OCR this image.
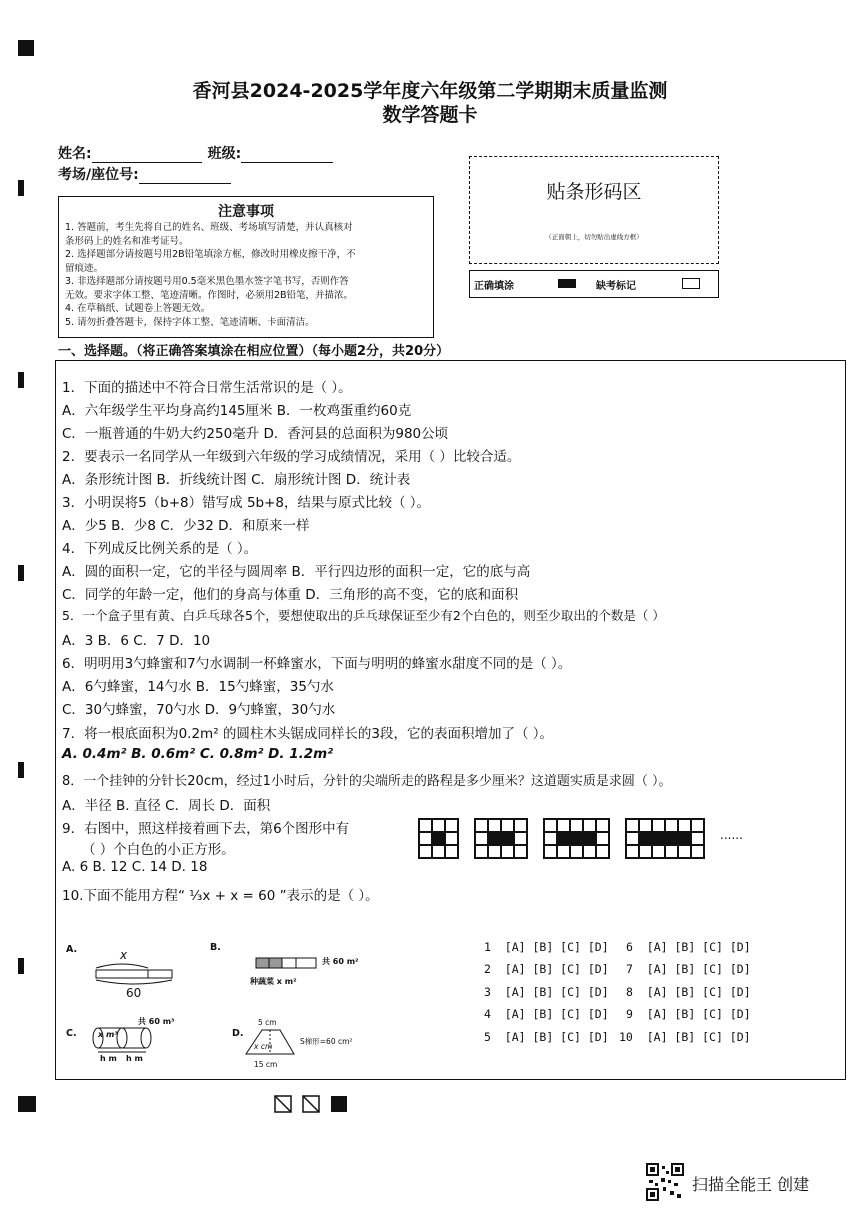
香河县2024-2025学年度六年级第二学期期末质量监测
数学答题卡
姓名:	班级:
考场/座位号:
注意事项
1. 答题前，考生先将自己的姓名、班级、考场填写清楚，并认真核对
条形码上的姓名和准考证号。
2. 选择题部分请按题号用2B铅笔填涂方框，修改时用橡皮擦干净，不
留痕迹。
3. 非选择题部分请按题号用0.5毫米黑色墨水签字笔书写，否则作答
无效。要求字体工整、笔迹清晰。作图时，必须用2B铅笔，并描浓。
4. 在草稿纸、试题卷上答题无效。
5. 请勿折叠答题卡，保持字体工整、笔迹清晰、卡面清洁。
贴条形码区
（正面朝上，切勿贴出虚线方框）
正确填涂	缺考标记
一、选择题。（将正确答案填涂在相应位置）（每小题2分，共20分）
1．下面的描述中不符合日常生活常识的是（ ）。
A．六年级学生平均身高约145厘米 B．一枚鸡蛋重约60克
C．一瓶普通的牛奶大约250毫升 D．香河县的总面积为980公顷
2．要表示一名同学从一年级到六年级的学习成绩情况，采用（ ）比较合适。
A．条形统计图 B．折线统计图 C．扇形统计图 D．统计表
3．小明误将5（b+8）错写成 5b+8，结果与原式比较（ ）。
A．少5 B．少8 C．少32 D．和原来一样
4．下列成反比例关系的是（ ）。
A．圆的面积一定，它的半径与圆周率 B．平行四边形的面积一定，它的底与高
C．同学的年龄一定，他们的身高与体重 D．三角形的高不变，它的底和面积
5．一个盒子里有黄、白乒乓球各5个，要想使取出的乒乓球保证至少有2个白色的，则至少取出的个数是（ ）
A．3 B．6 C．7 D．10
6．明明用3勺蜂蜜和7勺水调制一杯蜂蜜水，下面与明明的蜂蜜水甜度不同的是（ ）。
A．6勺蜂蜜，14勺水 B．15勺蜂蜜，35勺水
C．30勺蜂蜜，70勺水 D．9勺蜂蜜，30勺水
7．将一根底面积为0.2m² 的圆柱木头锯成同样长的3段，它的表面积增加了（ ）。
A. 0.4m² B. 0.6m² C. 0.8m² D. 1.2m²
8．一个挂钟的分针长20cm，经过1小时后，分针的尖端所走的路程是多少厘米？这道题实质是求圆（ ）。
A．半径 B. 直径 C．周长 D．面积
9．右图中，照这样接着画下去，第6个图形中有
（ ）个白色的小正方形。
A. 6 B. 12 C. 14 D. 18
10.下面不能用方程“ ⅓x + x = 60 ”表示的是（ ）。
......
A.	x
60
B.
共 60 m²
种蔬菜 x m²
C.
共 60 m³
x m³
h m h m
D.
5 cm
x cm
15 cm
S梯形=60 cm²
1 [A] [B] [C] [D]
2 [A] [B] [C] [D]
3 [A] [B] [C] [D]
4 [A] [B] [C] [D]
5 [A] [B] [C] [D]
6 [A] [B] [C] [D]
7 [A] [B] [C] [D]
8 [A] [B] [C] [D]
9 [A] [B] [C] [D]
10 [A] [B] [C] [D]
扫描全能王 创建
